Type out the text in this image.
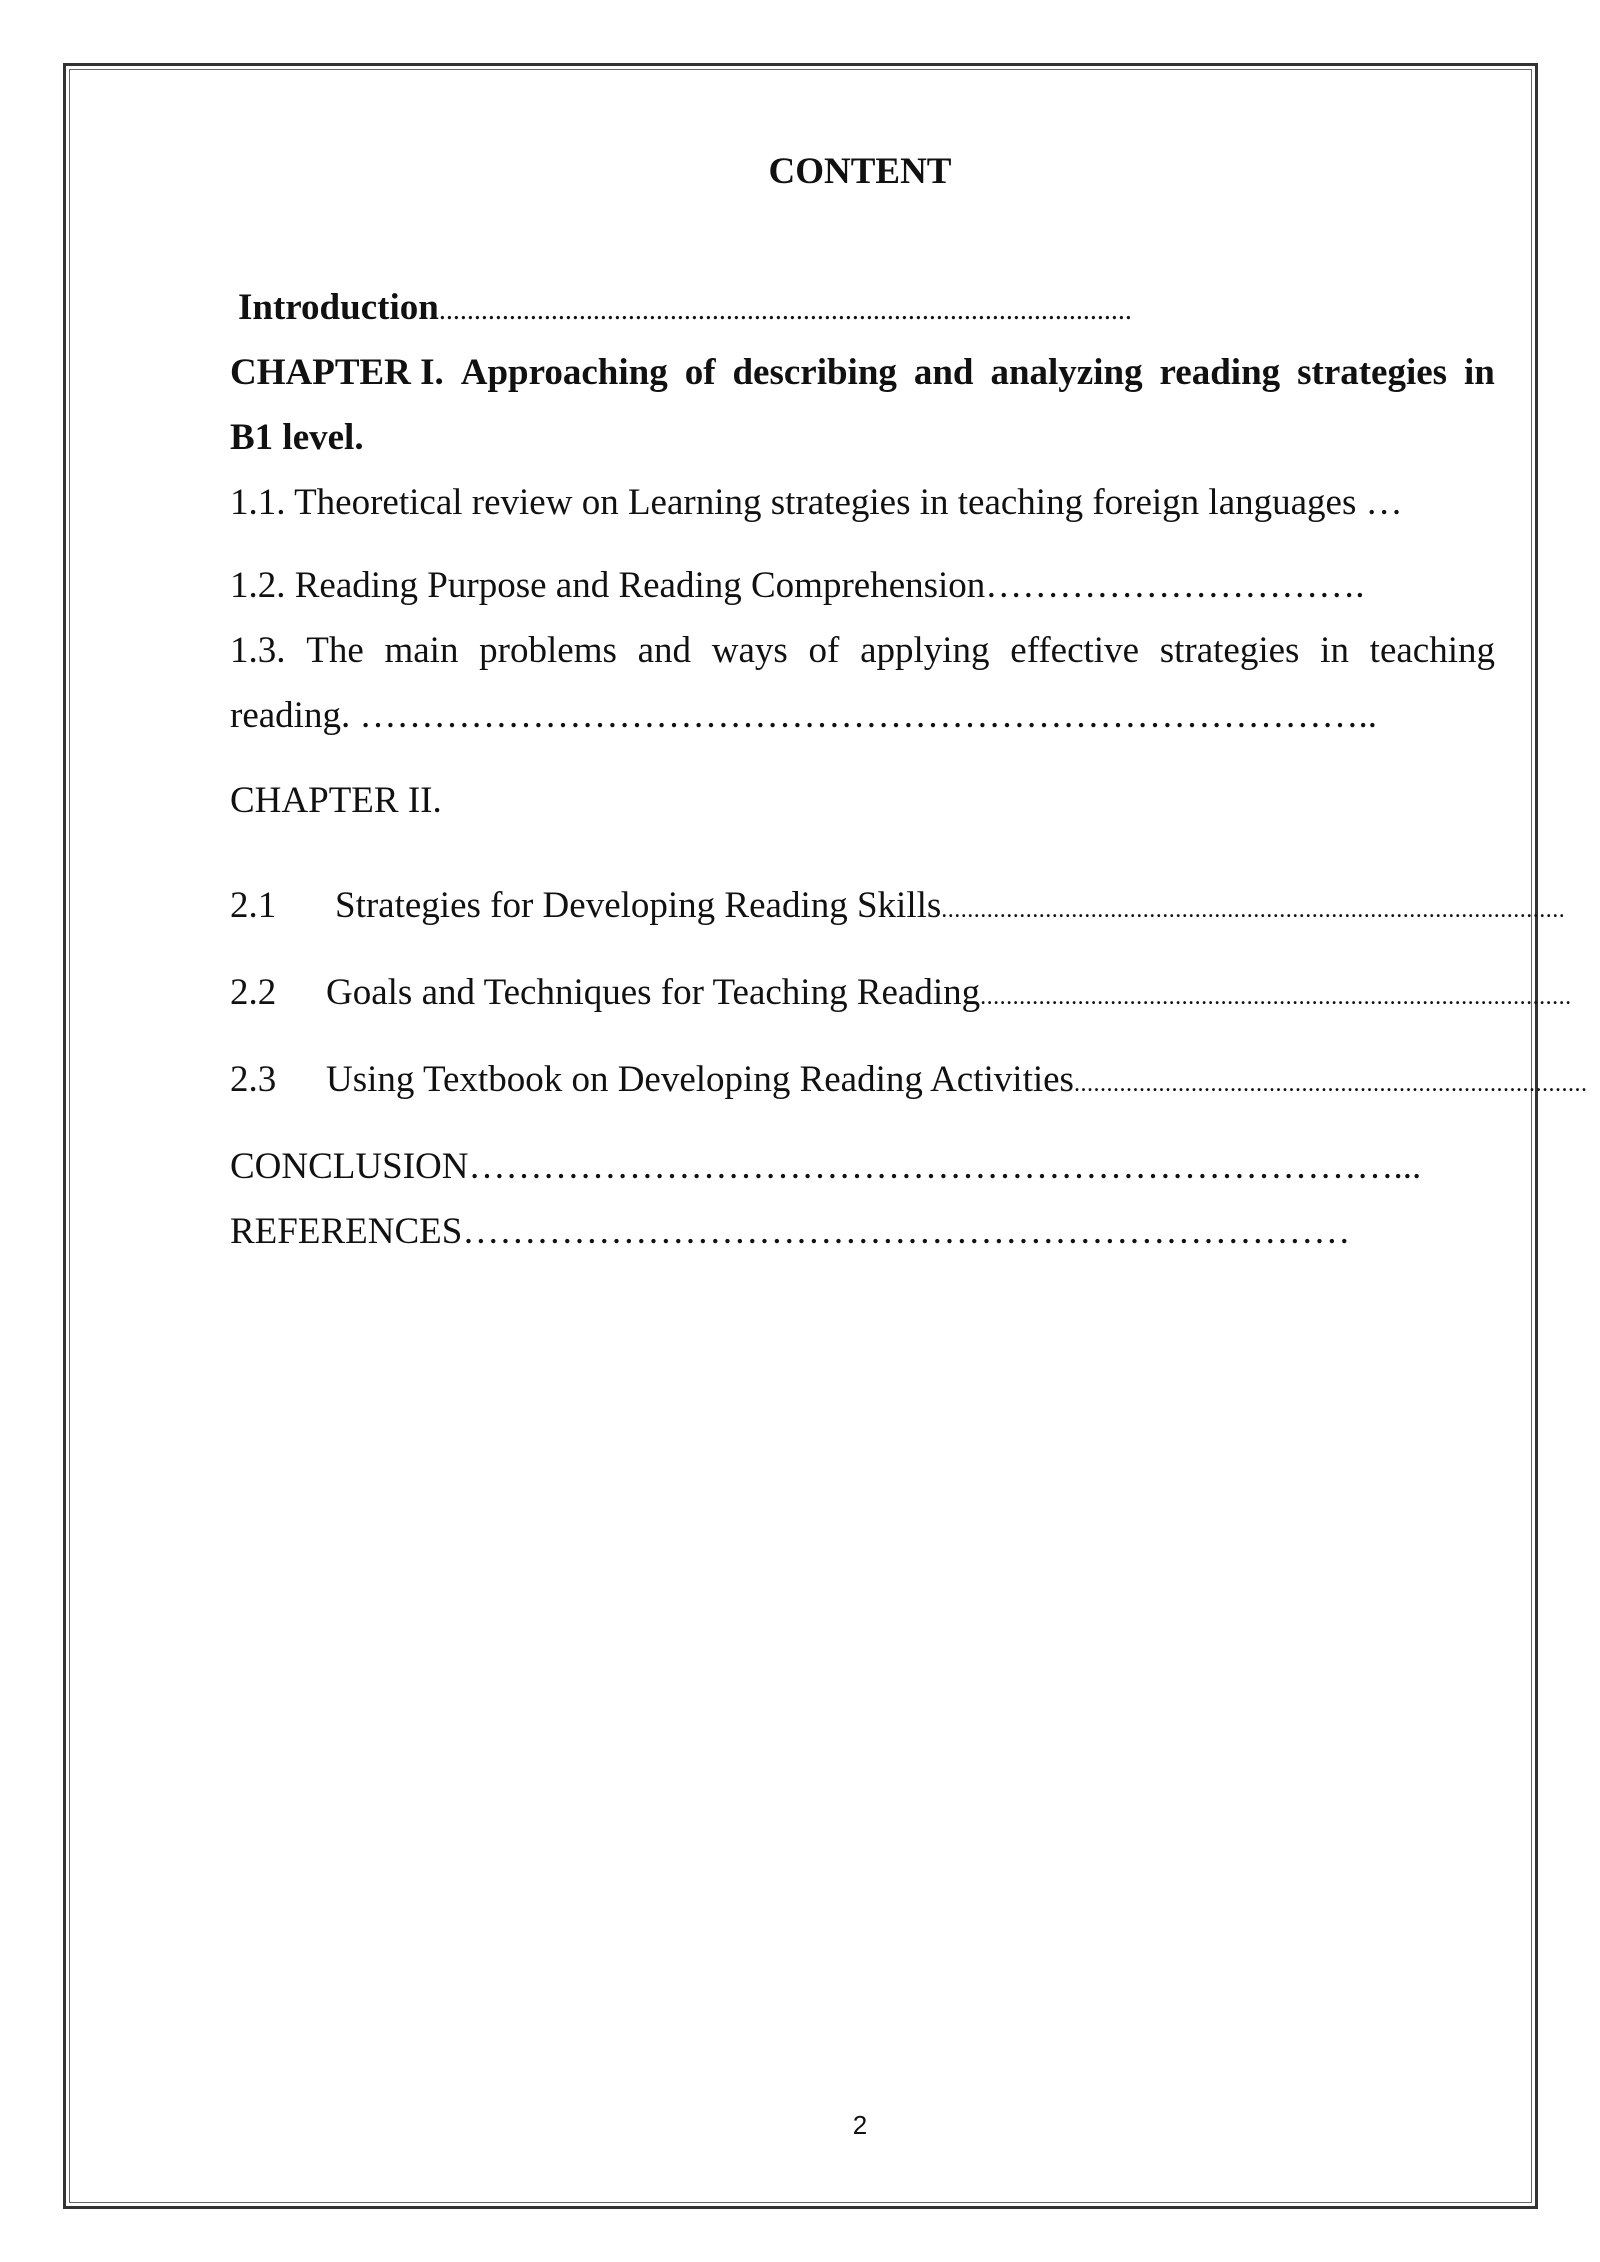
CONTENT
Introduction...................................................................................................
CHAPTER I. Approaching of describing and analyzing reading strategies in
B1 level.
1.1. Theoretical review on Learning strategies in teaching foreign languages …
1.2. Reading Purpose and Reading Comprehension………………………….
1.3. The main problems and ways of applying effective strategies in teaching
reading. ………………………………………………………………………..
CHAPTER II.
2.1 Strategies for Developing Reading Skills................................................................................................
2.2 Goals and Techniques for Teaching Reading...........................................................................................
2.3 Using Textbook on Developing Reading Activities...............................................................................
CONCLUSION…………………………………………………………………...
REFERENCES………………………………………………………………
2
